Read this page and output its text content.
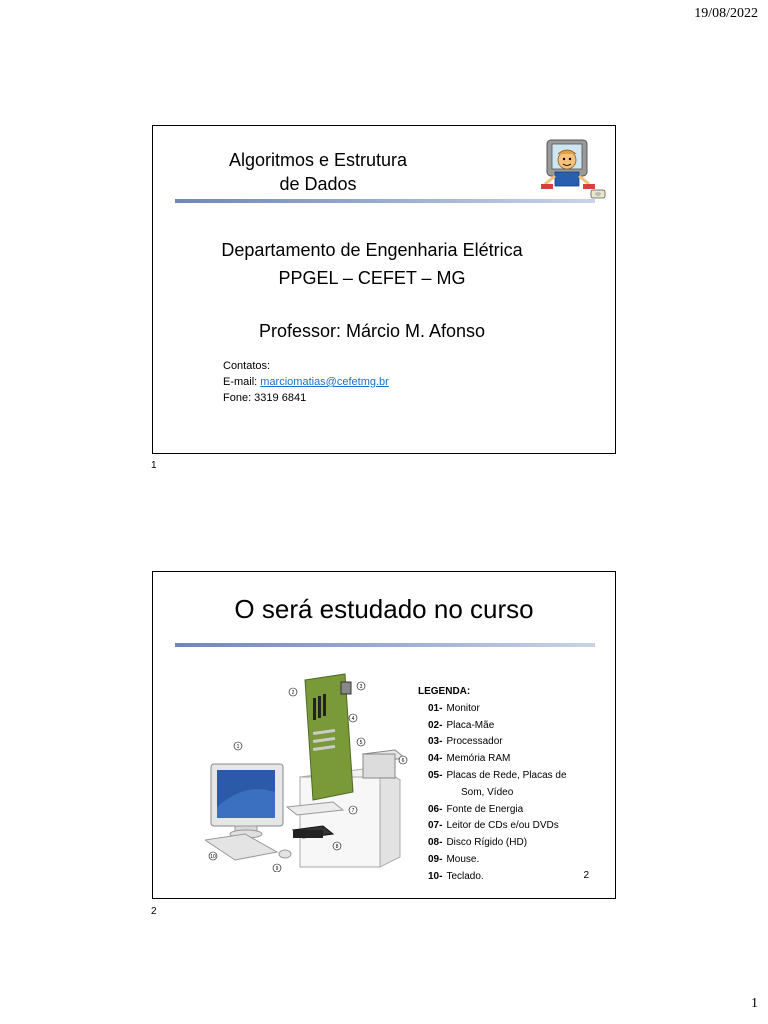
19/08/2022
Algoritmos e Estrutura
de Dados
Departamento de Engenharia Elétrica
PPGEL – CEFET – MG
Professor: Márcio M. Afonso
Contatos:
E-mail: marciomatias@cefetmg.br
Fone: 3319 6841
1
O será estudado no curso
1
2
3
4
5
6
7
8
9
10
LEGENDA:
01- Monitor
02- Placa-Mãe
03- Processador
04- Memória RAM
05- Placas de Rede, Placas de
Som, Vídeo
06- Fonte de Energia
07- Leitor de CDs e/ou DVDs
08- Disco Rígido (HD)
09- Mouse.
10- Teclado.	2
2
1
